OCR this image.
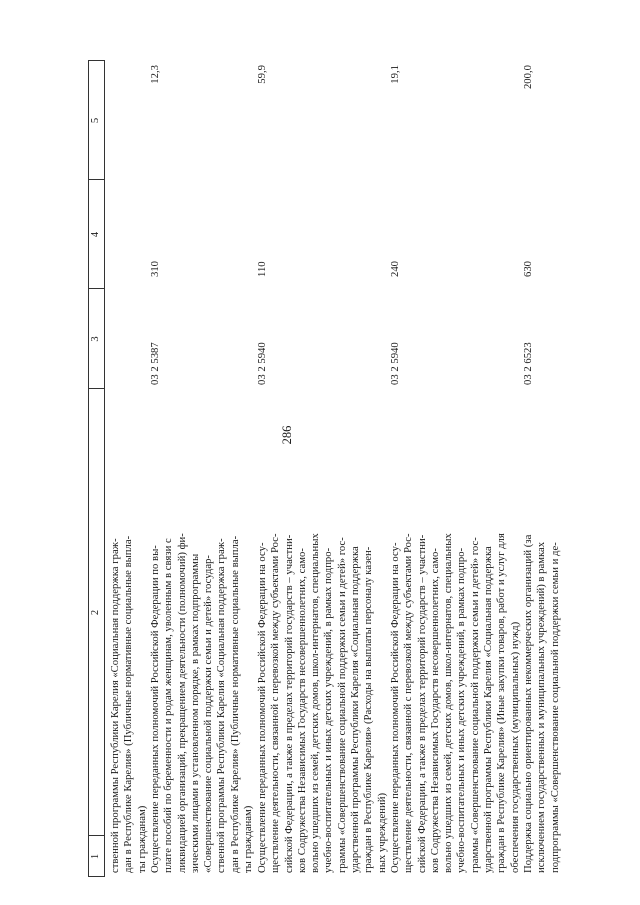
286
1
2
3
4
5
ственной программы Республики Карелия «Социальная поддержка граж-
дан в Республике Карелия» (Публичные нормативные социальные выпла-
ты гражданам) Осуществление переданных полномочий Российской Федерации по вы-
плате пособий по беременности и родам женщинам, уволенным в связи с
ликвидацией организаций, прекращением деятельности (полномочий) фи-
зическими лицами в установленном порядке, в рамках подпрограммы
«Совершенствование социальной поддержки семьи и детей» государ-
ственной программы Республики Карелия «Социальная поддержка граж-
дан в Республике Карелия» (Публичные нормативные социальные выпла-
ты гражданам)
03 2 5387
310
12,3
Осуществление переданных полномочий Российской Федерации на осу-
ществление деятельности, связанной с перевозкой между субъектами Рос-
сийской Федерации, а также в пределах территорий государств – участни-
ков Содружества Независимых Государств несовершеннолетних, само-
вольно ушедших из семей, детских домов, школ-интернатов, специальных
учебно-воспитательных и иных детских учреждений, в рамках подпро-
граммы «Совершенствование социальной поддержки семьи и детей» гос-
ударственной программы Республики Карелия «Социальная поддержка
граждан в Республике Карелия» (Расходы на выплаты персоналу казен-
ных учреждений)
03 2 5940
110
59,9
Осуществление переданных полномочий Российской Федерации на осу-
ществление деятельности, связанной с перевозкой между субъектами Рос-
сийской Федерации, а также в пределах территорий государств – участни-
ков Содружества Независимых Государств несовершеннолетних, само-
вольно ушедших из семей, детских домов, школ-интернатов, специальных
учебно-воспитательных и иных детских учреждений, в рамках подпро-
граммы «Совершенствование социальной поддержки семьи и детей» гос-
ударственной программы Республики Карелия «Социальная поддержка
граждан в Республике Карелия» (Иные закупки товаров, работ и услуг для
обеспечения государственных (муниципальных) нужд)
03 2 5940
240
19,1
Поддержка социально ориентированных некоммерческих организаций (за
исключением государственных и муниципальных учреждений) в рамках
подпрограммы «Совершенствование социальной поддержки семьи и де-
03 2 6523
630
200,0
